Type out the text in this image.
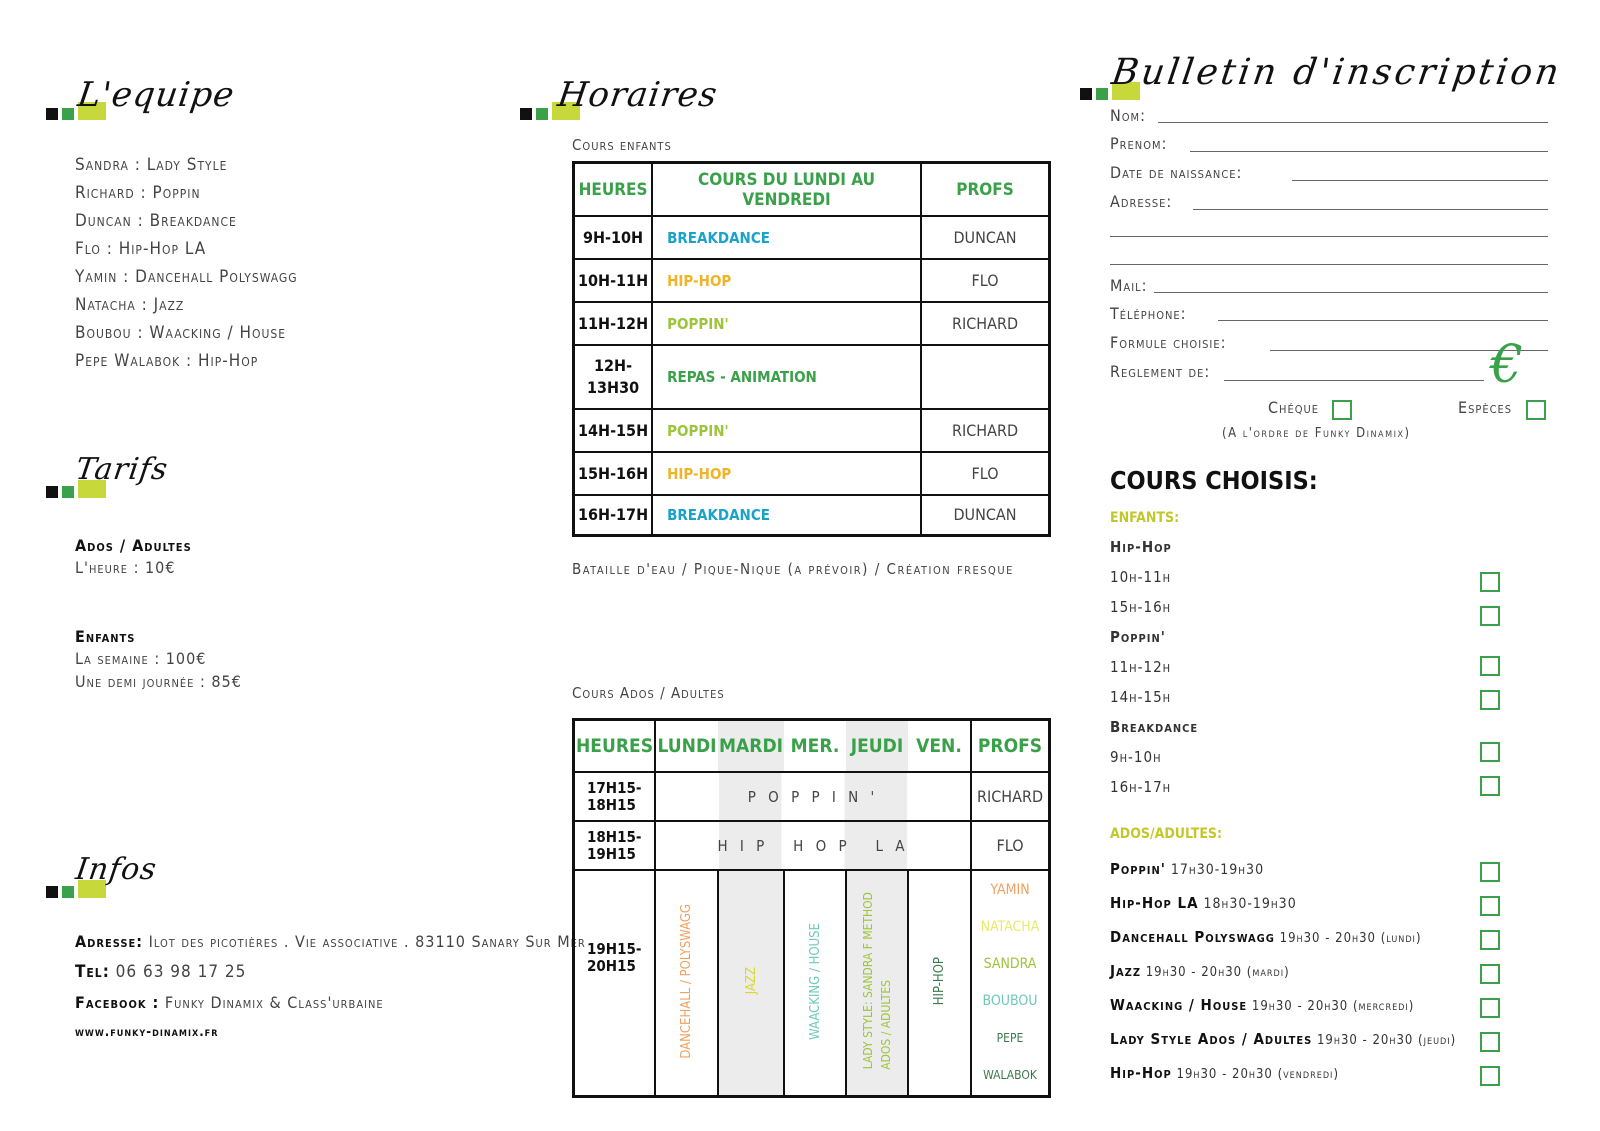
L'equipe
Tarifs
Infos
Horaires
Bulletin d'inscription
Sandra : Lady Style
Richard : Poppin
Duncan : Breakdance
Flo : Hip-Hop LA
Yamin : Dancehall Polyswagg
Natacha : Jazz
Boubou : Waacking / House
Pepe Walabok : Hip-Hop
Ados / Adultes
L'heure : 10€
Enfants
La semaine : 100€
Une demi journée : 85€
Adresse: Ilot des picotières . Vie associative . 83110 Sanary Sur Mer
Tel: 06 63 98 17 25
Facebook : Funky Dinamix & Class'urbaine
www.funky-dinamix.fr
Cours enfants
HEURES	COURS DU LUNDI AU VENDREDI	PROFS
9H-10H	BREAKDANCE	DUNCAN
10H-11H	HIP-HOP	FLO
11H-12H	POPPIN'	RICHARD
12H-13H30	REPAS - ANIMATION	
14H-15H	POPPIN'	RICHARD
15H-16H	HIP-HOP	FLO
16H-17H	BREAKDANCE	DUNCAN
Bataille d'eau / Pique-Nique (a prévoir) / Création fresque
Cours Ados / Adultes
HEURES	LUNDI	MARDI	MER.	JEUDI	VEN.	PROFS
17H15-18H15	P O P P I N '					RICHARD
18H15-19H15	H I P   H O P   L A					FLO
19H15-20H15	DANCEHALL / POLYSWAGG	JAZZ	WAACKING / HOUSE	LADY STYLE: SANDRA F METHOD ADOS / ADULTES	HIP-HOP	YAMIN
NATACHA
SANDRA
BOUBOU
PEPE WALABOK
Nom:
Prenom:
Date de naissance:
Adresse:
Mail:
Téléphone:
Formule choisie:
Reglement de:	€
Chéque	Espèces
(A l'ordre de Funky Dinamix)
COURS CHOISIS:
ENFANTS:
Hip-Hop
10h-11h
15h-16h
Poppin'
11h-12h
14h-15h
Breakdance
9h-10h
16h-17h
ADOS/ADULTES:
Poppin' 17h30-19h30
Hip-Hop LA 18h30-19h30
Dancehall Polyswagg 19h30 - 20h30 (lundi)
Jazz 19h30 - 20h30 (mardi)
Waacking / House 19h30 - 20h30 (mercredi)
Lady Style Ados / Adultes 19h30 - 20h30 (jeudi)
Hip-Hop 19h30 - 20h30 (vendredi)
